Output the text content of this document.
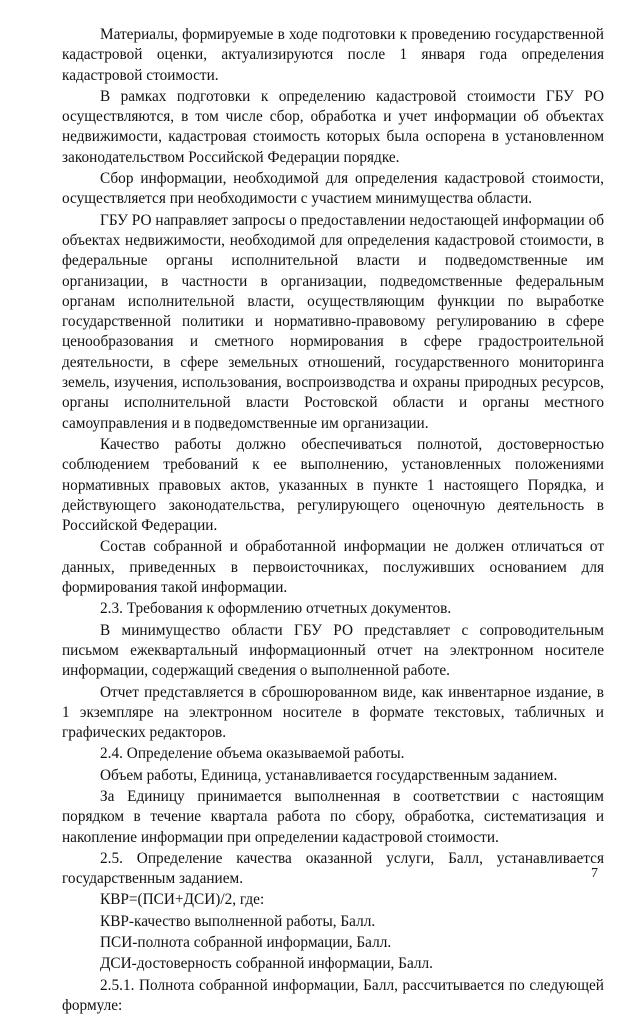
Материалы, формируемые в ходе подготовки к проведению государственной кадастровой оценки, актуализируются после 1 января года определения кадастровой стоимости.

В рамках подготовки к определению кадастровой стоимости ГБУ РО осуществляются, в том числе сбор, обработка и учет информации об объектах недвижимости, кадастровая стоимость которых была оспорена в установленном законодательством Российской Федерации порядке.

Сбор информации, необходимой для определения кадастровой стоимости, осуществляется при необходимости с участием минимущества области.

ГБУ РО направляет запросы о предоставлении недостающей информации об объектах недвижимости, необходимой для определения кадастровой стоимости, в федеральные органы исполнительной власти и подведомственные им организации, в частности в организации, подведомственные федеральным органам исполнительной власти, осуществляющим функции по выработке государственной политики и нормативно-правовому регулированию в сфере ценообразования и сметного нормирования в сфере градостроительной деятельности, в сфере земельных отношений, государственного мониторинга земель, изучения, использования, воспроизводства и охраны природных ресурсов, органы исполнительной власти Ростовской области и органы местного самоуправления и в подведомственные им организации.

Качество работы должно обеспечиваться полнотой, достоверностью соблюдением требований к ее выполнению, установленных положениями нормативных правовых актов, указанных в пункте 1 настоящего Порядка, и действующего законодательства, регулирующего оценочную деятельность в Российской Федерации.

Состав собранной и обработанной информации не должен отличаться от данных, приведенных в первоисточниках, послуживших основанием для формирования такой информации.

2.3. Требования к оформлению отчетных документов.

В минимущество области ГБУ РО представляет с сопроводительным письмом ежеквартальный информационный отчет на электронном носителе информации, содержащий сведения о выполненной работе.

Отчет представляется в сброшюрованном виде, как инвентарное издание, в 1 экземпляре на электронном носителе в формате текстовых, табличных и графических редакторов.

2.4. Определение объема оказываемой работы.

Объем работы, Единица, устанавливается государственным заданием.

За Единицу принимается выполненная в соответствии с настоящим порядком в течение квартала работа по сбору, обработка, систематизация и накопление информации при определении кадастровой стоимости.

2.5. Определение качества оказанной услуги, Балл, устанавливается государственным заданием.

КВР=(ПСИ+ДСИ)/2, где:

КВР-качество выполненной работы, Балл.

ПСИ-полнота собранной информации, Балл.

ДСИ-достоверность собранной информации, Балл.

2.5.1. Полнота собранной информации, Балл, рассчитывается по следующей формуле:

7
